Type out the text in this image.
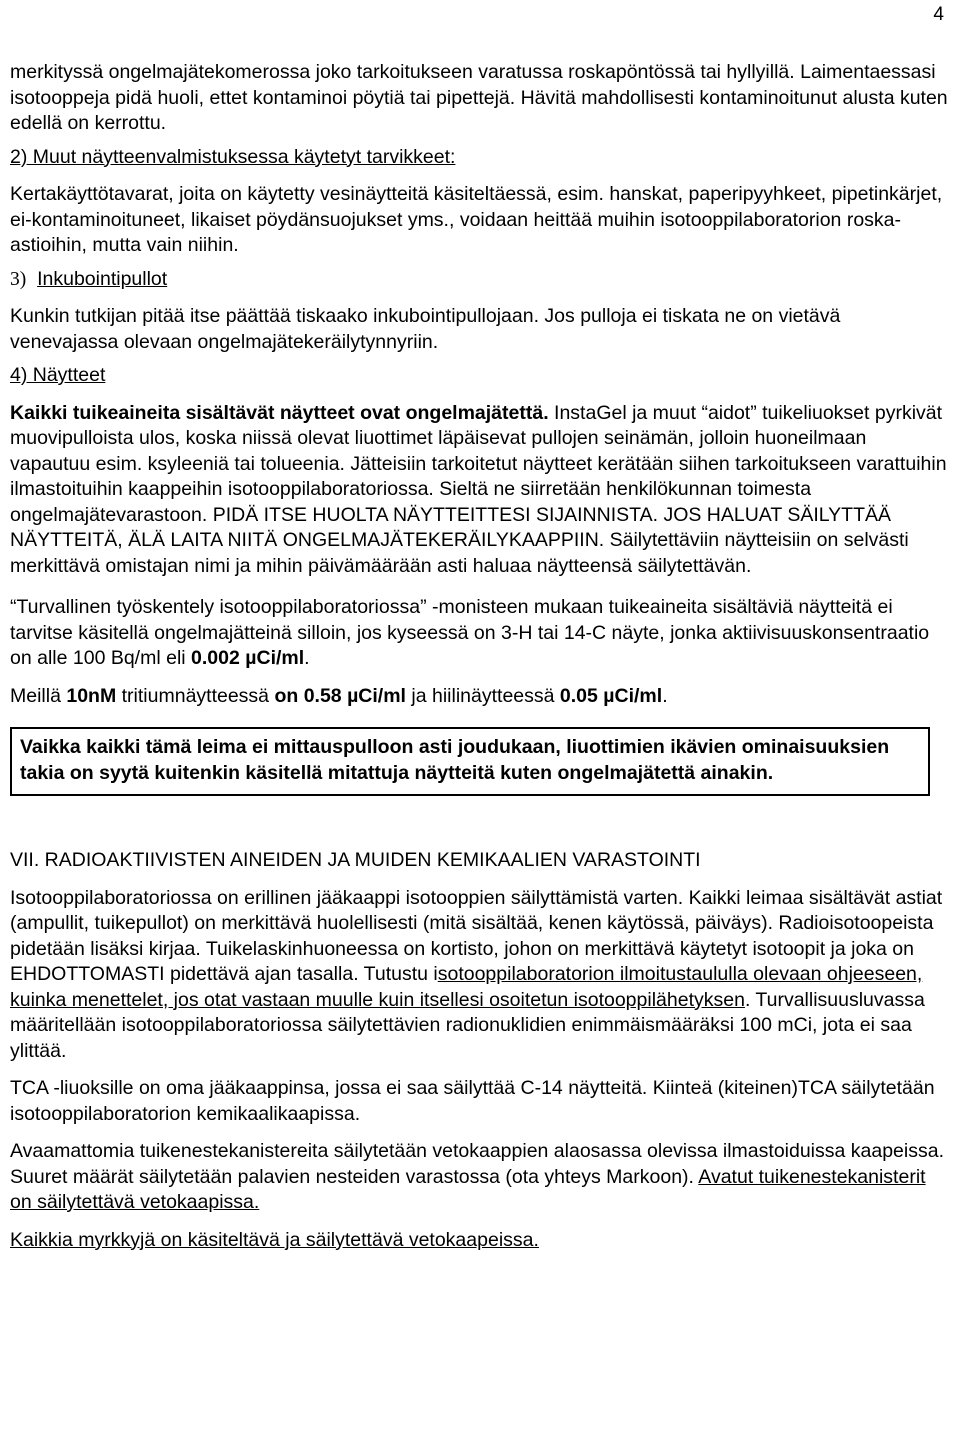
4

merkityssä ongelmajätekomerossa joko tarkoitukseen varatussa roskapöntössä tai hyllyillä. Laimentaessasi isotooppeja pidä huoli, ettet kontaminoi pöytiä tai pipettejä. Hävitä mahdollisesti kontaminoitunut alusta kuten edellä on kerrottu.

2) Muut näytteenvalmistuksessa käytetyt tarvikkeet:

Kertakäyttötavarat, joita on käytetty vesinäytteitä käsiteltäessä, esim. hanskat, paperipyyhkeet, pipetinkärjet, ei-kontaminoituneet, likaiset pöydänsuojukset yms., voidaan heittää muihin isotooppilaboratorion roska-astioihin, mutta vain niihin.

3) Inkubointipullot

Kunkin tutkijan pitää itse päättää tiskaako inkubointipullojaan. Jos pulloja ei tiskata ne on vietävä venevajassa olevaan ongelmajätekeräilytynnyriin.

4) Näytteet

Kaikki tuikeaineita sisältävät näytteet ovat ongelmajätettä. InstaGel ja muut “aidot” tuikeliuokset pyrkivät muovipulloista ulos, koska niissä olevat liuottimet läpäisevat pullojen seinämän, jolloin huoneilmaan vapautuu esim. ksyleeniä tai tolueenia. Jätteisiin tarkoitetut näytteet kerätään siihen tarkoitukseen varattuihin ilmastoituihin kaappeihin isotooppilaboratoriossa. Sieltä ne siirretään henkilökunnan toimesta ongelmajätevarastoon. PIDÄ ITSE HUOLTA NÄYTTEITTESI SIJAINNISTA. JOS HALUAT SÄILYTTÄÄ NÄYTTEITÄ, ÄLÄ LAITA NIITÄ ONGELMAJÄTEKERÄILYKAAPPIIN. Säilytettäviin näytteisiin on selvästi merkittävä omistajan nimi ja mihin päivämäärään asti haluaa näytteensä säilytettävän.

“Turvallinen työskentely isotooppilaboratoriossa” -monisteen mukaan tuikeaineita sisältäviä näytteitä ei tarvitse käsitellä ongelmajätteinä silloin, jos kyseessä on 3-H tai 14-C näyte, jonka aktiivisuuskonsentraatio on alle 100 Bq/ml eli 0.002 µCi/ml.

Meillä 10nM tritiumnäytteessä on 0.58 µCi/ml ja hiilinäytteessä 0.05 µCi/ml.

Vaikka kaikki tämä leima ei mittauspulloon asti joudukaan, liuottimien ikävien ominaisuuksien takia on syytä kuitenkin käsitellä mitattuja näytteitä kuten ongelmajätettä ainakin.

VII. RADIOAKTIIVISTEN AINEIDEN JA MUIDEN KEMIKAALIEN VARASTOINTI

Isotooppilaboratoriossa on erillinen jääkaappi isotooppien säilyttämistä varten. Kaikki leimaa sisältävät astiat (ampullit, tuikepullot) on merkittävä huolellisesti (mitä sisältää, kenen käytössä, päiväys). Radioisotoopeista pidetään lisäksi kirjaa. Tuikelaskinhuoneessa on kortisto, johon on merkittävä käytetyt isotoopit ja joka on EHDOTTOMASTI pidettävä ajan tasalla. Tutustu isotooppilaboratorion ilmoitustaululla olevaan ohjeeseen, kuinka menettelet, jos otat vastaan muulle kuin itsellesi osoitetun isotooppilähetyksen. Turvallisuusluvassa määritellään isotooppilaboratoriossa säilytettävien radionuklidien enimmäismääräksi 100 mCi, jota ei saa ylittää.

TCA -liuoksille on oma jääkaappinsa, jossa ei saa säilyttää C-14 näytteitä. Kiinteä (kiteinen)TCA säilytetään isotooppilaboratorion kemikaalikaapissa.

Avaamattomia tuikenestekanistereita säilytetään vetokaappien alaosassa olevissa ilmastoiduissa kaapeissa. Suuret määrät säilytetään palavien nesteiden varastossa (ota yhteys Markoon). Avatut tuikenestekanisterit on säilytettävä vetokaapissa.

Kaikkia myrkkyjä on käsiteltävä ja säilytettävä vetokaapeissa.
